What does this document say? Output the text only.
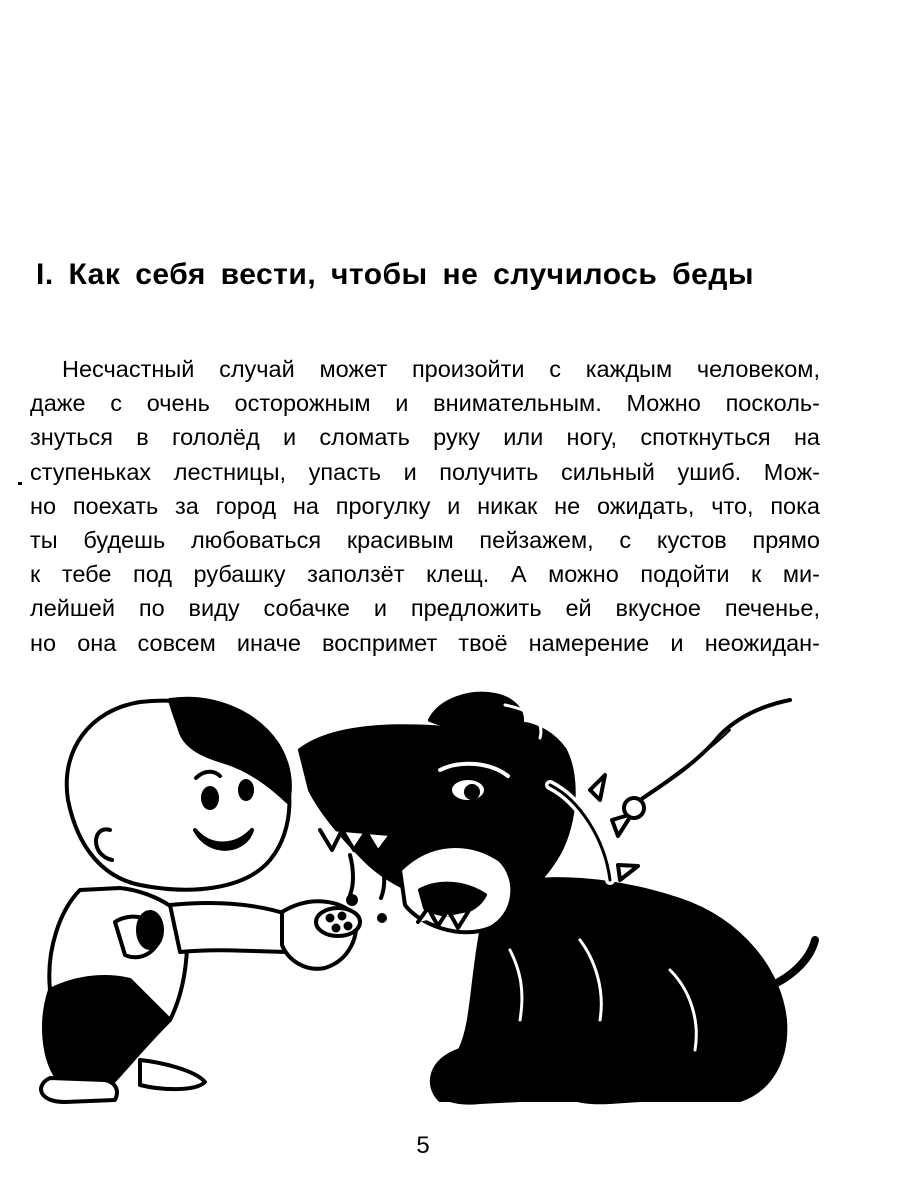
I. Как себя вести, чтобы не случилось беды
Несчастный случай может произойти с каждым человеком,
даже с очень осторожным и внимательным. Можно посколь-
знуться в гололёд и сломать руку или ногу, споткнуться на
ступеньках лестницы, упасть и получить сильный ушиб. Мож-
но поехать за город на прогулку и никак не ожидать, что, пока
ты будешь любоваться красивым пейзажем, с кустов прямо
к тебе под рубашку заползёт клещ. А можно подойти к ми-
лейшей по виду собачке и предложить ей вкусное печенье,
но она совсем иначе воспримет твоё намерение и неожидан-
5
